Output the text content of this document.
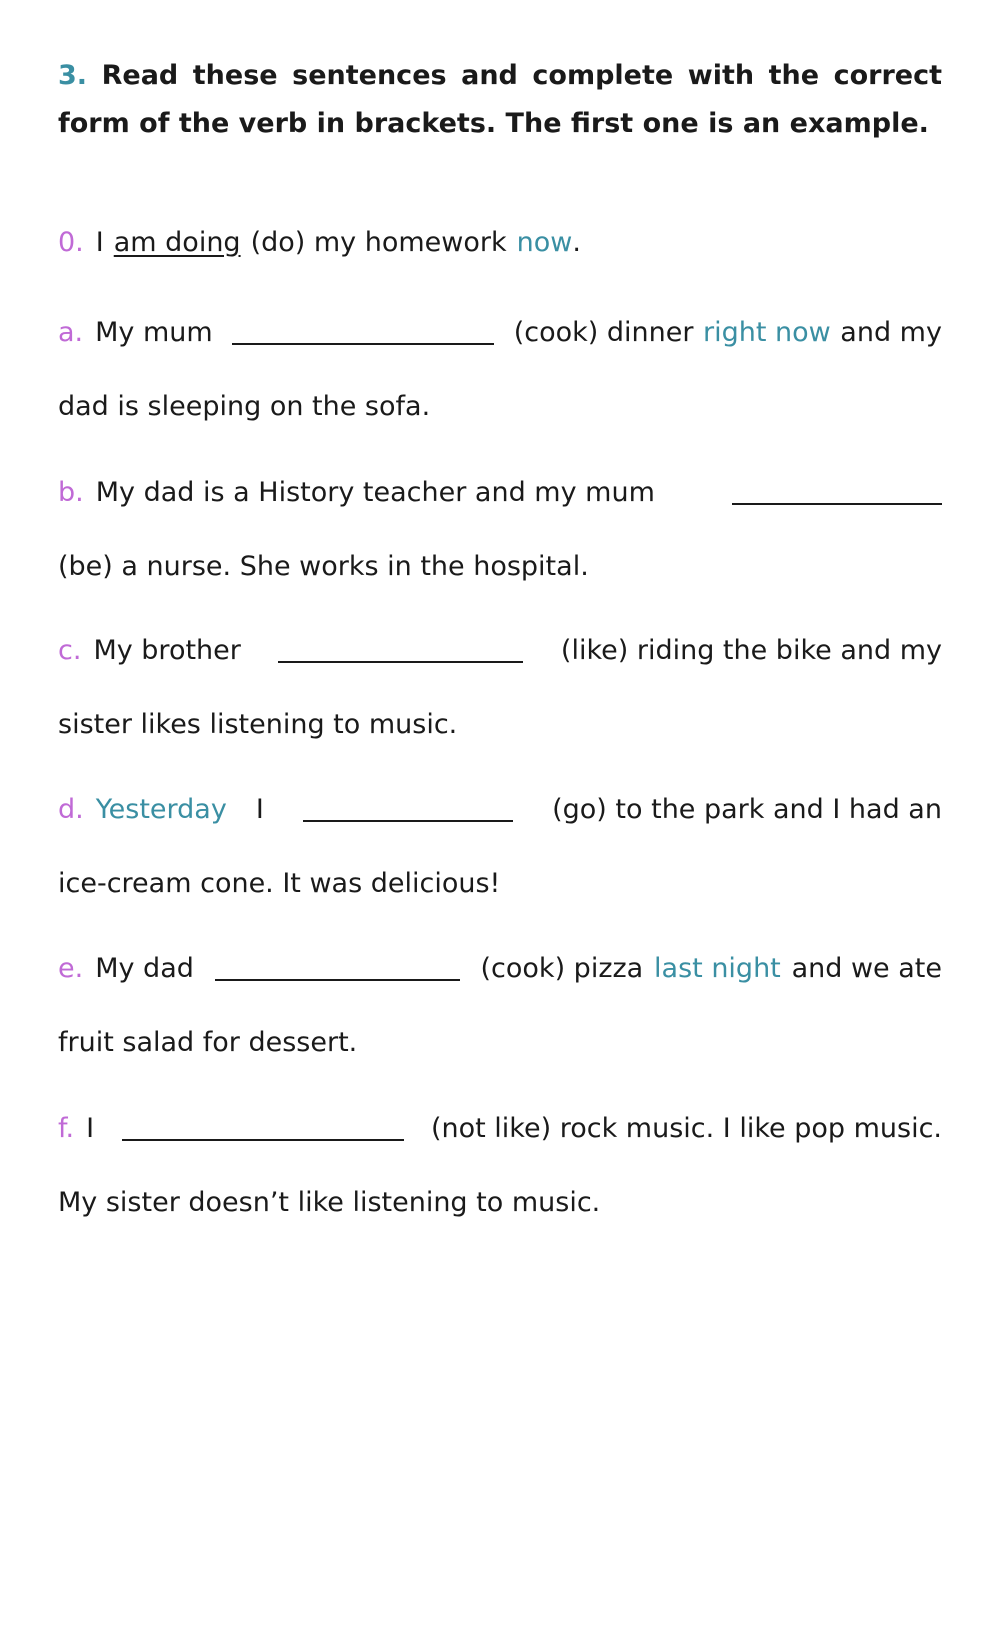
3. Read these sentences and complete with the correct form of the verb in brackets. The first one is an example.
0. I am doing (do) my homework now .
a. My mum	(cook) dinner right now and my
dad is sleeping on the sofa.
b. My dad is a History teacher and my mum
(be) a nurse. She works in the hospital.
c. My brother	(like) riding the bike and my
sister likes listening to music.
d. Yesterday I	(go) to the park and I had an
ice-cream cone. It was delicious!
e. My dad	(cook) pizza last night and we ate
fruit salad for dessert.
f. I	(not like) rock music. I like pop music.
My sister doesn’t like listening to music.
